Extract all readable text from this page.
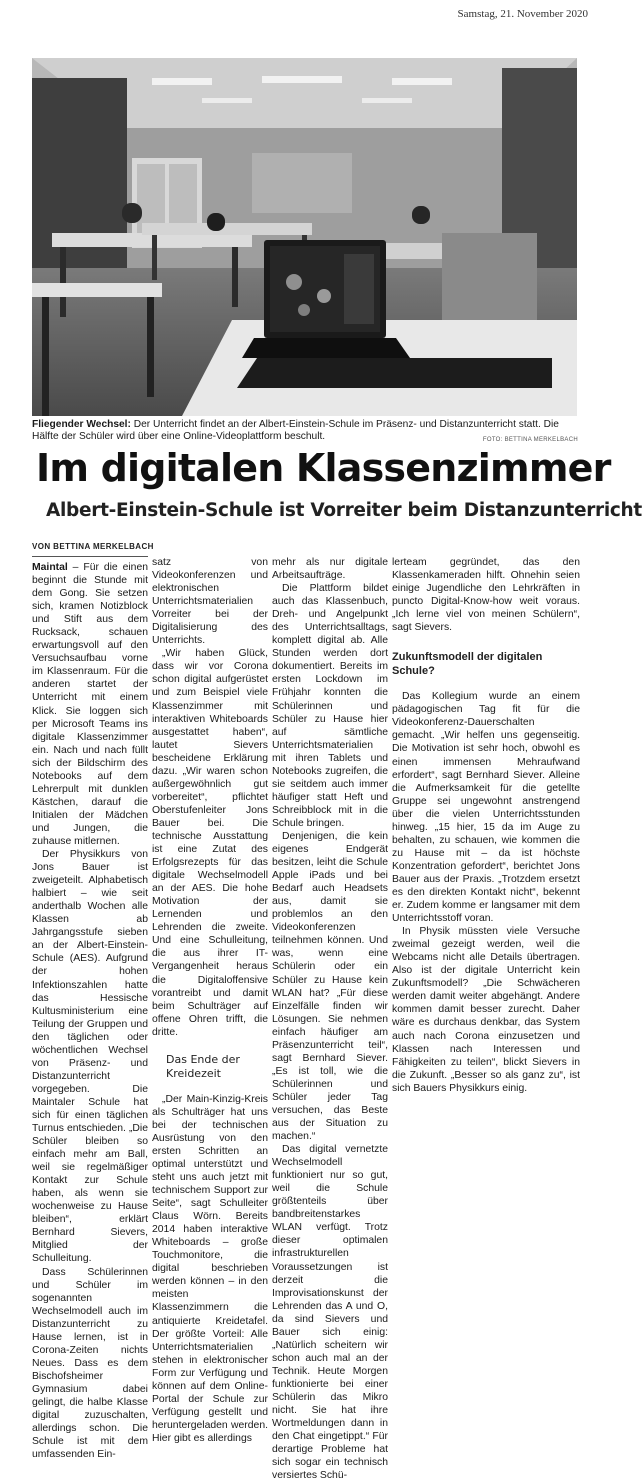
Samstag, 21. November 2020
Fliegender Wechsel: Der Unterricht findet an der Albert-Einstein-Schule im Präsenz- und Distanzunterricht statt. Die Hälfte der Schüler wird über eine Online-Videoplattform beschult.	FOTO: BETTINA MERKELBACH
Im digitalen Klassenzimmer
Albert-Einstein-Schule ist Vorreiter beim Distanzunterricht
VON BETTINA MERKELBACH

Maintal – Für die einen beginnt die Stunde mit dem Gong. Sie setzen sich, kramen Notizblock und Stift aus dem Rucksack, schauen erwartungsvoll auf den Versuchsaufbau vorne im Klassenraum. Für die anderen startet der Unterricht mit einem Klick. Sie loggen sich per Microsoft Teams ins digitale Klassenzimmer ein. Nach und nach füllt sich der Bildschirm des Notebooks auf dem Lehrerpult mit dunklen Kästchen, darauf die Initialen der Mädchen und Jungen, die zuhause mitlernen.

Der Physikkurs von Jons Bauer ist zweigeteilt. Alphabetisch halbiert – wie seit anderthalb Wochen alle Klassen ab Jahrgangsstufe sieben an der Albert-Einstein-Schule (AES). Aufgrund der hohen Infektionszahlen hatte das Hessische Kultusministerium eine Teilung der Gruppen und den täglichen oder wöchentlichen Wechsel von Präsenz- und Distanzunterricht vorgegeben. Die Maintaler Schule hat sich für einen täglichen Turnus entschieden. „Die Schüler bleiben so einfach mehr am Ball, weil sie regelmäßiger Kontakt zur Schule haben, als wenn sie wochenweise zu Hause bleiben“, erklärt Bernhard Sievers, Mitglied der Schulleitung.

Dass Schülerinnen und Schüler im sogenannten Wechselmodell auch im Distanzunterricht zu Hause lernen, ist in Corona-Zeiten nichts Neues. Dass es dem Bischofsheimer Gymnasium dabei gelingt, die halbe Klasse digital zuzuschalten, allerdings schon. Die Schule ist mit dem umfassenden Ein-

satz von Videokonferenzen und elektronischen Unterrichtsmaterialien Vorreiter bei der Digitalisierung des Unterrichts.

„Wir haben Glück, dass wir vor Corona schon digital aufgerüstet und zum Beispiel viele Klassenzimmer mit interaktiven Whiteboards ausgestattet haben“, lautet Sievers bescheidene Erklärung dazu. „Wir waren schon außergewöhnlich gut vorbereitet“, pflichtet Oberstufenleiter Jons Bauer bei. Die technische Ausstattung ist eine Zutat des Erfolgsrezepts für das digitale Wechselmodell an der AES. Die hohe Motivation der Lernenden und Lehrenden die zweite. Und eine Schulleitung, die aus ihrer IT-Vergangenheit heraus die Digitaloffensive vorantreibt und damit beim Schulträger auf offene Ohren trifft, die dritte.

Das Ende der Kreidezeit

„Der Main-Kinzig-Kreis als Schulträger hat uns bei der technischen Ausrüstung von den ersten Schritten an optimal unterstützt und steht uns auch jetzt mit technischem Support zur Seite“, sagt Schulleiter Claus Wörn. Bereits 2014 haben interaktive Whiteboards – große Touchmonitore, die digital beschrieben werden können – in den meisten Klassenzimmern die antiquierte Kreidetafel. Der größte Vorteil: Alle Unterrichtsmaterialien stehen in elektronischer Form zur Verfügung und können auf dem Online-Portal der Schule zur Verfügung gestellt und heruntergeladen werden. Hier gibt es allerdings

mehr als nur digitale Arbeitsaufträge.

Die Plattform bildet auch das Klassenbuch, Dreh- und Angelpunkt des Unterrichtsalltags, komplett digital ab. Alle Stunden werden dort dokumentiert. Bereits im ersten Lockdown im Frühjahr konnten die Schülerinnen und Schüler zu Hause hier auf sämtliche Unterrichtsmaterialien mit ihren Tablets und Notebooks zugreifen, die sie seitdem auch immer häufiger statt Heft und Schreibblock mit in die Schule bringen.

Denjenigen, die kein eigenes Endgerät besitzen, leiht die Schule Apple iPads und bei Bedarf auch Headsets aus, damit sie problemlos an den Videokonferenzen teilnehmen können. Und was, wenn eine Schülerin oder ein Schüler zu Hause kein WLAN hat? „Für diese Einzelfälle finden wir Lösungen. Sie nehmen einfach häufiger am Präsenzunterricht teil“, sagt Bernhard Siever. „Es ist toll, wie die Schülerinnen und Schüler jeder Tag versuchen, das Beste aus der Situation zu machen.“

Das digital vernetzte Wechselmodell funktioniert nur so gut, weil die Schule größtenteils über bandbreitenstarkes WLAN verfügt. Trotz dieser optimalen infrastrukturellen Voraussetzungen ist derzeit die Improvisationskunst der Lehrenden das A und O, da sind Sievers und Bauer sich einig: „Natürlich scheitern wir schon auch mal an der Technik. Heute Morgen funktionierte bei einer Schülerin das Mikro nicht. Sie hat ihre Wortmeldungen dann in den Chat eingetippt.“ Für derartige Probleme hat sich sogar ein technisch versiertes Schü-

lerteam gegründet, das den Klassenkameraden hilft. Ohnehin seien einige Jugendliche den Lehrkräften in puncto Digital-Know-how weit voraus. „Ich lerne viel von meinen Schülern“, sagt Sievers.

Zukunftsmodell der digitalen Schule?

Das Kollegium wurde an einem pädagogischen Tag fit für die Videokonferenz-Dauerschalten gemacht. „Wir helfen uns gegenseitig. Die Motivation ist sehr hoch, obwohl es einen immensen Mehraufwand erfordert“, sagt Bernhard Siever. Alleine die Aufmerksamkeit für die getellte Gruppe sei ungewohnt anstrengend über die vielen Unterrichtsstunden hinweg. „15 hier, 15 da im Auge zu behalten, zu schauen, wie kommen die zu Hause mit – da ist höchste Konzentration gefordert“, berichtet Jons Bauer aus der Praxis. „Trotzdem ersetzt es den direkten Kontakt nicht“, bekennt er. Zudem komme er langsamer mit dem Unterrichtsstoff voran.

In Physik müssten viele Versuche zweimal gezeigt werden, weil die Webcams nicht alle Details übertragen. Also ist der digitale Unterricht kein Zukunftsmodell? „Die Schwächeren werden damit weiter abgehängt. Andere kommen damit besser zurecht. Daher wäre es durchaus denkbar, das System auch nach Corona einzusetzen und Klassen nach Interessen und Fähigkeiten zu teilen“, blickt Sievers in die Zukunft. „Besser so als ganz zu“, ist sich Bauers Physikkurs einig.
